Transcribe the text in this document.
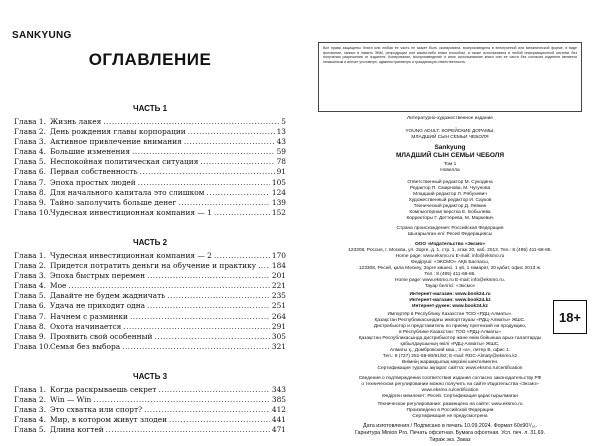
SANKYUNG
ОГЛАВЛЕНИЕ
ЧАСТЬ 1
Глава 1. Жизнь лакея .....	5
Глава 2. День рождения главы корпорации .....	13
Глава 3. Активное привлечение внимания .....	43
Глава 4. Большие изменения .....	59
Глава 5. Неспокойная политическая ситуация .....	78
Глава 6. Первая собственность .....	91
Глава 7. Эпоха простых людей .....	105
Глава 8. Для начального капитала это слишком .....	124
Глава 9. Тайно заполучить больше денег .....	139
Глава 10. Чудесная инвестиционная компания — 1 .....	152
ЧАСТЬ 2
Глава 1. Чудесная инвестиционная компания — 2 .....	170
Глава 2. Придется потратить деньги на обучение и практику ..... 184
Глава 3. Эпоха быстрых перемен .....	201
Глава 4. Мое .....	221
Глава 5. Давайте не будем жадничать .....	235
Глава 6. Удача не приходит одна .....	251
Глава 7. Начнем с разминки .....	264
Глава 8. Охота начинается .....	291
Глава 9. Проявить свой особенный .....	305
Глава 10. Семья без выбора .....	321
ЧАСТЬ 3
Глава 1. Когда раскрываешь секрет .....	343
Глава 2. Win — Win .....	385
Глава 3. Это схватка или спорт? .....	412
Глава 4. Мир, в котором живут злодеи .....	441
Глава 5. Длина когтей .....	471
Все права защищены. Книга или любая ее часть не может быть скопирована, воспроизведена в электронной или механической форме, в виде фотокопии, записи в память ЭВМ, репродукции или каким-либо иным способом, а также использована в любой информационной системе без получения разрешения от издателя. Копирование, воспроизведение и иное использование книги или ее части без согласия издателя является незаконным и влечет уголовную, административную и гражданскую ответственность.
Литературно-художественное издание
YOUNG ADULT. КОРЕЙСКИЕ ДОРАМЫ.
МЛАДШИЙ СЫН СЕМЬИ ЧЕБОЛЯ
Sankyung
МЛАДШИЙ СЫН СЕМЬИ ЧЕБОЛЯ
Том 1
Новелла
Ответственный редактор М. Сукодина
Редактор П. Смирнова, М. Чугунова
Младший редактор Л. Рябухевич
Художественный редактор И. Сауков
Технический редактор Д. Левкин
Компьютерная верстка Е. Бобылева
Корректоры Г. Деттерева, М. Маркевич
Страна происхождения: Российская Федерация
Шығарылған елі: Ресей Федерациясы
ООО «Издательство «Эксмо»
123308, Россия, г. Москва, ул. Зорге, д. 1, стр. 1, этаж 20, каб. 2013. Тел.: 8 (495) 411-68-86.
Home page: www.eksmo.ru E-mail: info@eksmo.ru
Өндіруші: «ЭКСМО» АҚБ Баспасы,
123308, Ресей, қала Мәскеу, Зорге көшесі, 1 үй, 1 ғимарат, 20 қабат, офис 2013 ж.
Тел.: 8 (495) 411-68-86.
Home page: www.eksmo.ru E-mail: info@eksmo.ru.
Тауар белгісі: «Эксмо»
Интернет-магазин: www.book24.ru
Интернет-магазин: www.book24.kz
Интернет-дүкен: www.book24.kz
Импортёр в Республику Казахстан ТОО «РДЦ-Алматы».
Қазақстан Республикасындағы импорттаушы «РДЦ-Алматы» ЖШС.
Дистрибьютор и представитель по приему претензий на продукцию,
в Республике Казахстан: ТОО «РДЦ-Алматы»
Қазақстан Республикасында дистрибьютор және өнім бойынша арыз-талаптарды
қабылдаушының өкілі «РДЦ-Алматы» ЖШС,
Алматы қ., Домбровский көш., 3 «а», литер Б, офис 1.
Тел.: 8 (727) 251-59-90/91/92; E-mail: RDC-Almaty@eksmo.kz
Өнімнің жарамдылық мерзімі шектелмеген.
Сертификация туралы ақпарат сайтта: www.eksmo.ru/certification
Сведения о подтверждении соответствия издания согласно законодательству РФ
о техническом регулировании можно получить на сайте Издательства «Эксмо»
www.eksmo.ru/certification
Өндірген мемлекет: Ресей. Сертификация қарастырылмаған
Техническое регулирование: размещено на сайте: www.eksmo.ru
Произведено в Российской Федерации
Сертификация не предусмотрена
Дата изготовления / Подписано в печать 10.09.2024. Формат 60x90¹/₁₆.
Гарнитура Minion Pro. Печать офсетная. Бумага офсетная. Усл. печ. л. 31,69.
Тираж экз. Заказ
18+
